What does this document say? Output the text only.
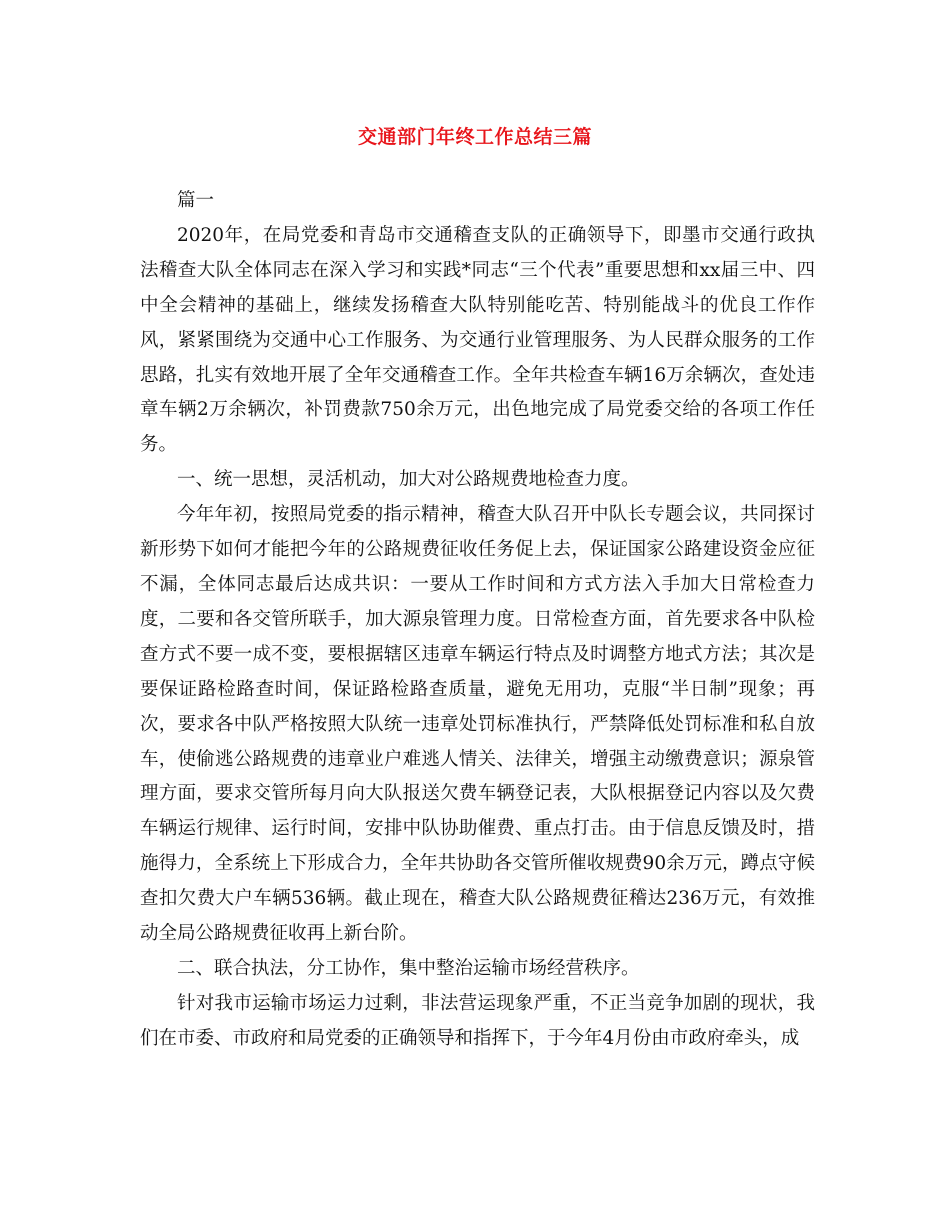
交通部门年终工作总结三篇

篇一

2020年，在局党委和青岛市交通稽查支队的正确领导下，即墨市交通行政执法稽查大队全体同志在深入学习和实践*同志“三个代表”重要思想和xx届三中、四中全会精神的基础上，继续发扬稽查大队特别能吃苦、特别能战斗的优良工作作风，紧紧围绕为交通中心工作服务、为交通行业管理服务、为人民群众服务的工作思路，扎实有效地开展了全年交通稽查工作。全年共检查车辆16万余辆次，查处违章车辆2万余辆次，补罚费款750余万元，出色地完成了局党委交给的各项工作任务。

一、统一思想，灵活机动，加大对公路规费地检查力度。

今年年初，按照局党委的指示精神，稽查大队召开中队长专题会议，共同探讨新形势下如何才能把今年的公路规费征收任务促上去，保证国家公路建设资金应征不漏，全体同志最后达成共识：一要从工作时间和方式方法入手加大日常检查力度，二要和各交管所联手，加大源泉管理力度。日常检查方面，首先要求各中队检查方式不要一成不变，要根据辖区违章车辆运行特点及时调整方地式方法；其次是要保证路检路查时间，保证路检路查质量，避免无用功，克服“半日制”现象；再次，要求各中队严格按照大队统一违章处罚标准执行，严禁降低处罚标准和私自放车，使偷逃公路规费的违章业户难逃人情关、法律关，增强主动缴费意识；源泉管理方面，要求交管所每月向大队报送欠费车辆登记表，大队根据登记内容以及欠费车辆运行规律、运行时间，安排中队协助催费、重点打击。由于信息反馈及时，措施得力，全系统上下形成合力，全年共协助各交管所催收规费90余万元，蹲点守候查扣欠费大户车辆536辆。截止现在，稽查大队公路规费征稽达236万元，有效推动全局公路规费征收再上新台阶。

二、联合执法，分工协作，集中整治运输市场经营秩序。

针对我市运输市场运力过剩，非法营运现象严重，不正当竞争加剧的现状，我们在市委、市政府和局党委的正确领导和指挥下，于今年4月份由市政府牵头，成
